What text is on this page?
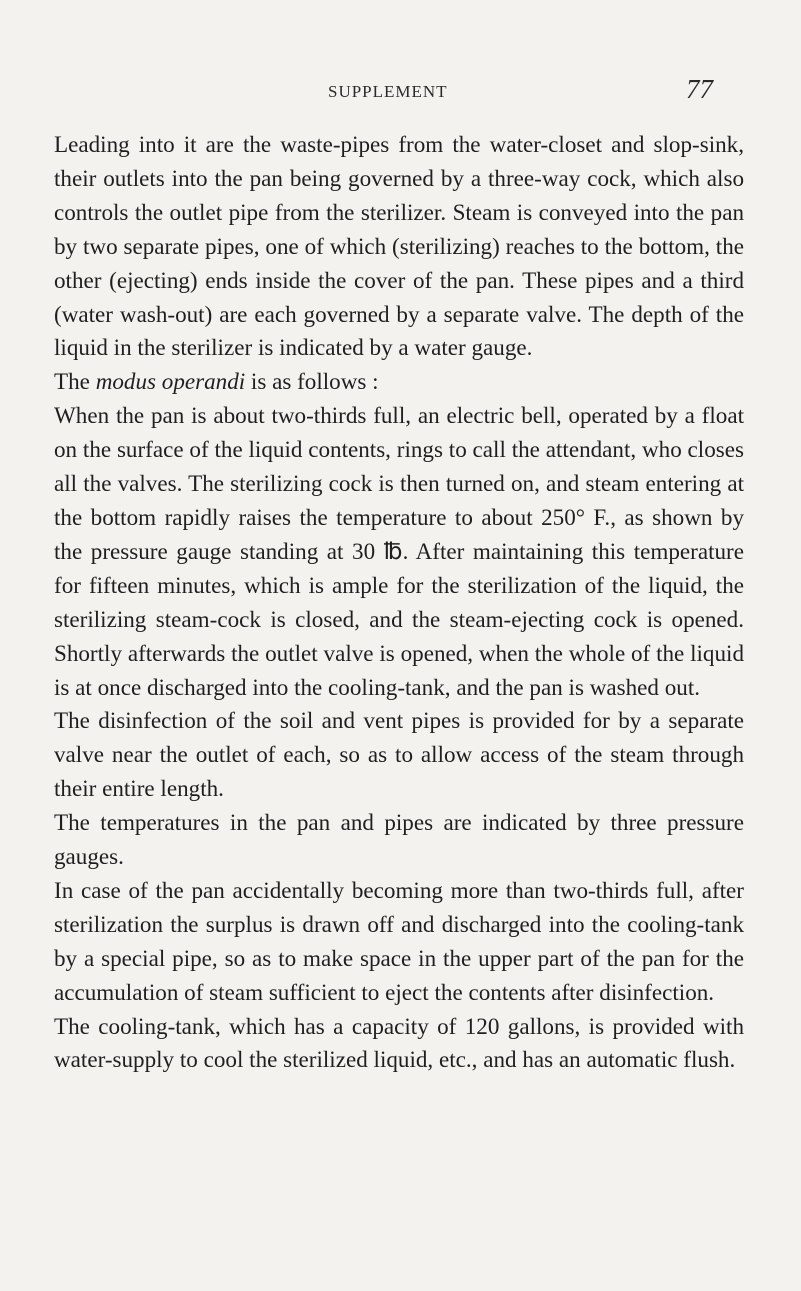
SUPPLEMENT	77

Leading into it are the waste-pipes from the water-closet and slop-sink, their outlets into the pan being governed by a three-way cock, which also controls the outlet pipe from the sterilizer. Steam is conveyed into the pan by two separate pipes, one of which (sterilizing) reaches to the bottom, the other (ejecting) ends inside the cover of the pan. These pipes and a third (water wash-out) are each governed by a separate valve. The depth of the liquid in the sterilizer is indicated by a water gauge.

The modus operandi is as follows :

When the pan is about two-thirds full, an electric bell, operated by a float on the surface of the liquid contents, rings to call the attendant, who closes all the valves. The sterilizing cock is then turned on, and steam entering at the bottom rapidly raises the temperature to about 250° F., as shown by the pressure gauge standing at 30 ℔. After maintaining this temperature for fifteen minutes, which is ample for the sterilization of the liquid, the sterilizing steam-cock is closed, and the steam-ejecting cock is opened. Shortly afterwards the outlet valve is opened, when the whole of the liquid is at once discharged into the cooling-tank, and the pan is washed out.

The disinfection of the soil and vent pipes is provided for by a separate valve near the outlet of each, so as to allow access of the steam through their entire length.

The temperatures in the pan and pipes are indicated by three pressure gauges.

In case of the pan accidentally becoming more than two-thirds full, after sterilization the surplus is drawn off and discharged into the cooling-tank by a special pipe, so as to make space in the upper part of the pan for the accumulation of steam sufficient to eject the contents after disinfection.

The cooling-tank, which has a capacity of 120 gallons, is provided with water-supply to cool the sterilized liquid, etc., and has an automatic flush.
